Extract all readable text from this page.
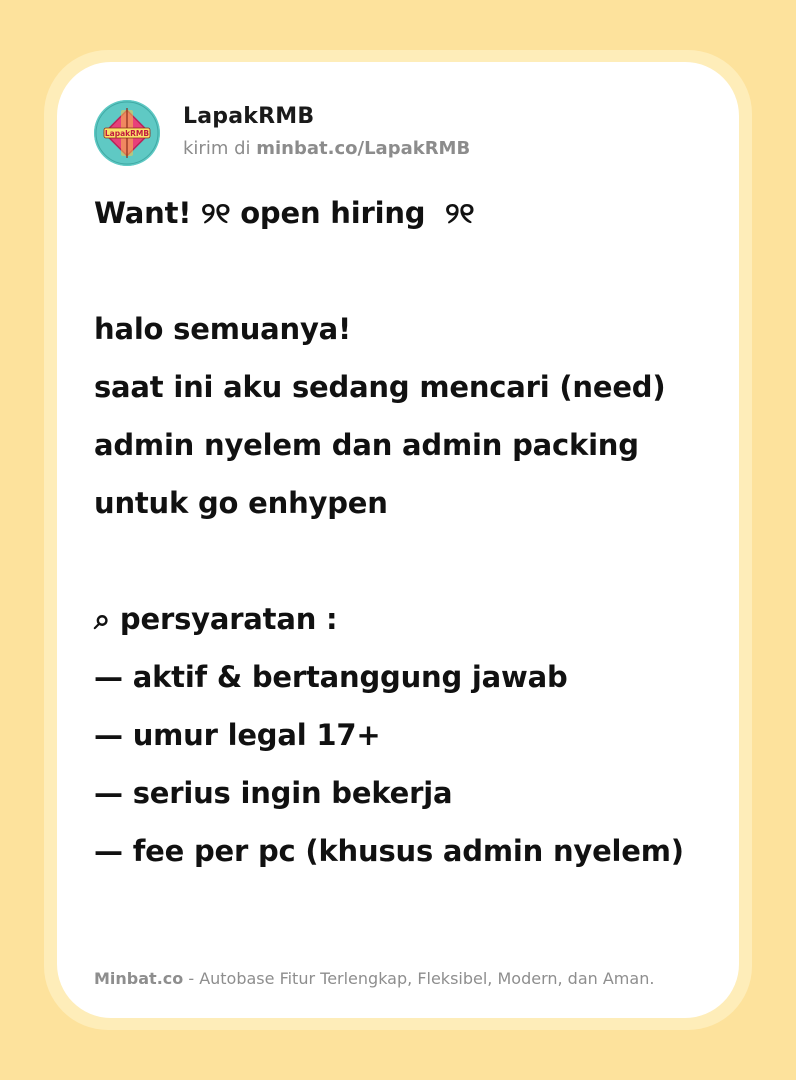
LapakRMB
LapakRMB
kirim di minbat.co/LapakRMB
Want! ୨୧ open hiring  ୨୧

halo semuanya!
saat ini aku sedang mencari (need) admin nyelem dan admin packing untuk go enhypen

⌕ persyaratan :
— aktif & bertanggung jawab
— umur legal 17+
— serius ingin bekerja
— fee per pc (khusus admin nyelem)
Minbat.co - Autobase Fitur Terlengkap, Fleksibel, Modern, dan Aman.
